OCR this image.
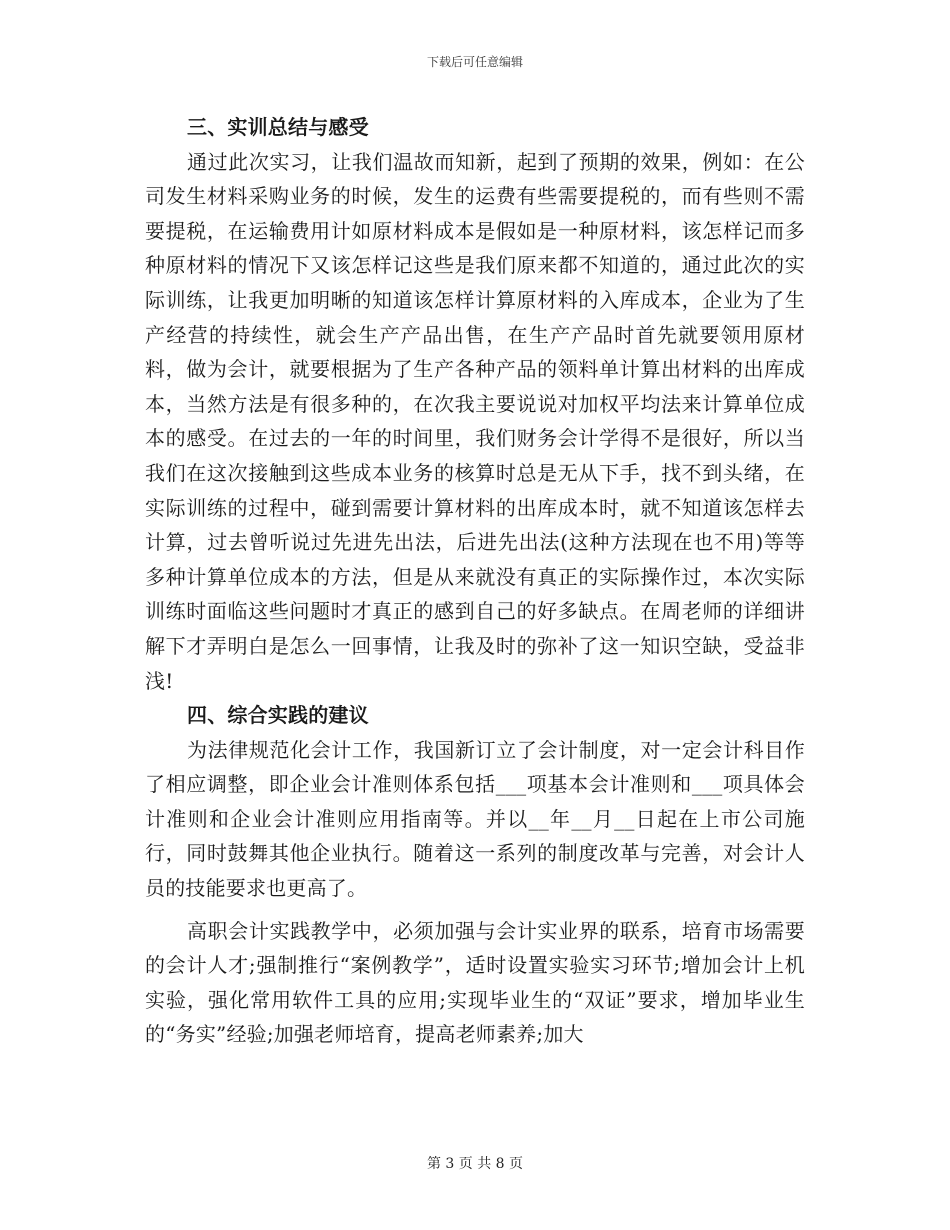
下载后可任意编辑

三、实训总结与感受

通过此次实习，让我们温故而知新，起到了预期的效果，例如：在公司发生材料采购业务的时候，发生的运费有些需要提税的，而有些则不需要提税，在运输费用计如原材料成本是假如是一种原材料，该怎样记而多种原材料的情况下又该怎样记这些是我们原来都不知道的，通过此次的实际训练，让我更加明晰的知道该怎样计算原材料的入库成本，企业为了生产经营的持续性，就会生产产品出售，在生产产品时首先就要领用原材料，做为会计，就要根据为了生产各种产品的领料单计算出材料的出库成本，当然方法是有很多种的，在次我主要说说对加权平均法来计算单位成本的感受。在过去的一年的时间里，我们财务会计学得不是很好，所以当我们在这次接触到这些成本业务的核算时总是无从下手，找不到头绪，在实际训练的过程中，碰到需要计算材料的出库成本时，就不知道该怎样去计算，过去曾听说过先进先出法，后进先出法(这种方法现在也不用)等等多种计算单位成本的方法，但是从来就没有真正的实际操作过，本次实际训练时面临这些问题时才真正的感到自己的好多缺点。在周老师的详细讲解下才弄明白是怎么一回事情，让我及时的弥补了这一知识空缺，受益非浅!

四、综合实践的建议

为法律规范化会计工作，我国新订立了会计制度，对一定会计科目作了相应调整，即企业会计准则体系包括___项基本会计准则和___项具体会计准则和企业会计准则应用指南等。并以__年__月__日起在上市公司施行，同时鼓舞其他企业执行。随着这一系列的制度改革与完善，对会计人员的技能要求也更高了。

高职会计实践教学中，必须加强与会计实业界的联系，培育市场需要的会计人才;强制推行“案例教学”，适时设置实验实习环节;增加会计上机实验，强化常用软件工具的应用;实现毕业生的“双证”要求，增加毕业生的“务实”经验;加强老师培育，提高老师素养;加大

第 3 页 共 8 页
